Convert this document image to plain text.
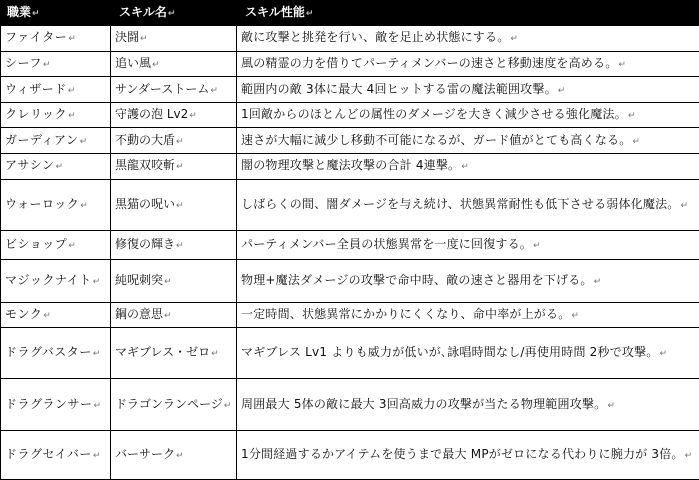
職業↵	スキル名↵	スキル性能↵
ファイター↵	決闘↵	敵に攻撃と挑発を行い、敵を足止め状態にする。↵
シーフ↵	追い風↵	風の精霊の力を借りてパーティメンバーの速さと移動速度を高める。↵
ウィザード↵	サンダーストーム↵	範囲内の敵 3体に最大 4回ヒットする雷の魔法範囲攻撃。↵
クレリック↵	守護の泡 Lv2↵	1回敵からのほとんどの属性のダメージを大きく減少させる強化魔法。↵
ガーディアン↵	不動の大盾↵	速さが大幅に減少し移動不可能になるが、ガード値がとても高くなる。↵
アサシン↵	黒龍双咬斬↵	闇の物理攻撃と魔法攻撃の合計 4連撃。↵
ウォーロック↵	黒猫の呪い↵	しばらくの間、闇ダメージを与え続け、状態異常耐性も低下させる弱体化魔法。↵
ビショップ↵	修復の輝き↵	パーティメンバー全員の状態異常を一度に回復する。↵
マジックナイト↵	純呪刺突↵	物理+魔法ダメージの攻撃で命中時、敵の速さと器用を下げる。↵
モンク↵	鋼の意思↵	一定時間、状態異常にかかりにくくなり、命中率が上がる。↵
ドラグバスター↵	マギブレス・ゼロ↵	マギブレス Lv1 よりも威力が低いが､詠唱時間なし/再使用時間 2秒で攻撃。↵
ドラグランサー↵	ドラゴンランページ↵	周囲最大 5体の敵に最大 3回高威力の攻撃が当たる物理範囲攻撃。↵
ドラグセイバー↵	バーサーク↵	1分間経過するかアイテムを使うまで最大 MPがゼロになる代わりに腕力が 3倍。↵
